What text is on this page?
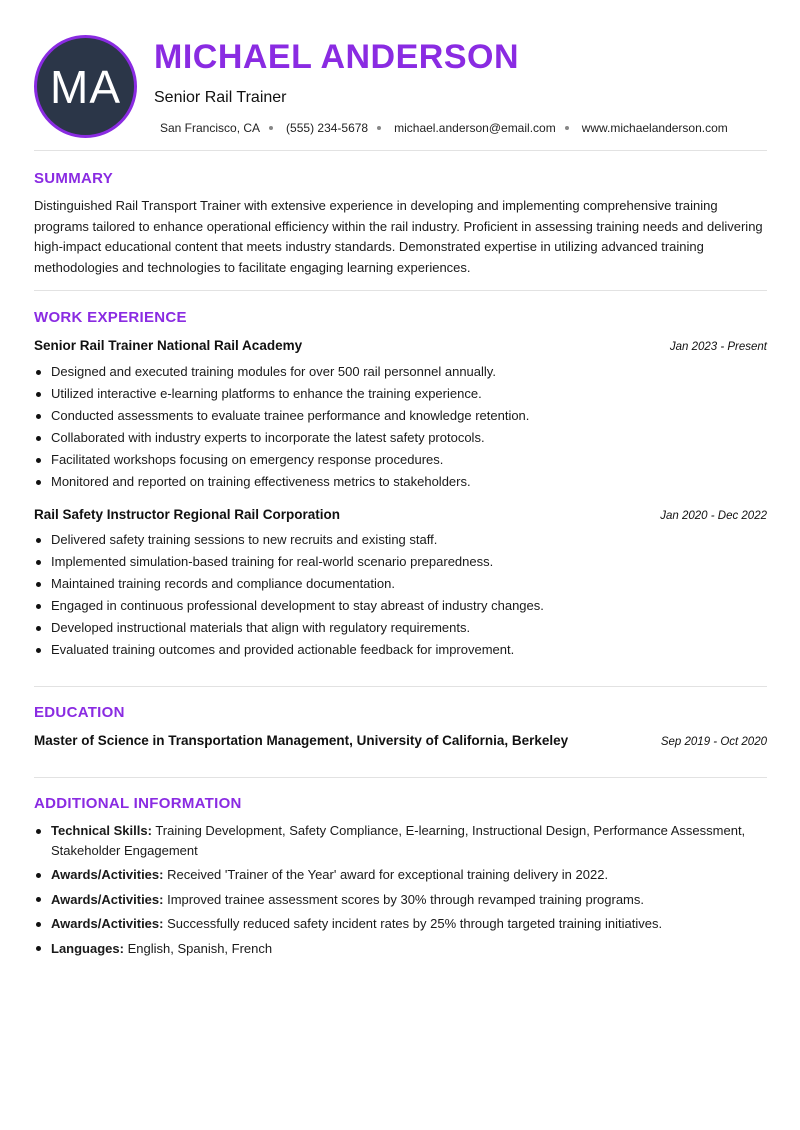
MA
MICHAEL ANDERSON
Senior Rail Trainer
San Francisco, CA (555) 234-5678 michael.anderson@email.com www.michaelanderson.com
SUMMARY
Distinguished Rail Transport Trainer with extensive experience in developing and implementing comprehensive training programs tailored to enhance operational efficiency within the rail industry. Proficient in assessing training needs and delivering high-impact educational content that meets industry standards. Demonstrated expertise in utilizing advanced training methodologies and technologies to facilitate engaging learning experiences.
WORK EXPERIENCE
Senior Rail Trainer National Rail Academy	Jan 2023 - Present
Designed and executed training modules for over 500 rail personnel annually.
Utilized interactive e-learning platforms to enhance the training experience.
Conducted assessments to evaluate trainee performance and knowledge retention.
Collaborated with industry experts to incorporate the latest safety protocols.
Facilitated workshops focusing on emergency response procedures.
Monitored and reported on training effectiveness metrics to stakeholders.
Rail Safety Instructor Regional Rail Corporation	Jan 2020 - Dec 2022
Delivered safety training sessions to new recruits and existing staff.
Implemented simulation-based training for real-world scenario preparedness.
Maintained training records and compliance documentation.
Engaged in continuous professional development to stay abreast of industry changes.
Developed instructional materials that align with regulatory requirements.
Evaluated training outcomes and provided actionable feedback for improvement.
EDUCATION
Master of Science in Transportation Management, University of California, Berkeley	Sep 2019 - Oct 2020
ADDITIONAL INFORMATION
Technical Skills: Training Development, Safety Compliance, E-learning, Instructional Design, Performance Assessment, Stakeholder Engagement
Awards/Activities: Received 'Trainer of the Year' award for exceptional training delivery in 2022.
Awards/Activities: Improved trainee assessment scores by 30% through revamped training programs.
Awards/Activities: Successfully reduced safety incident rates by 25% through targeted training initiatives.
Languages: English, Spanish, French
